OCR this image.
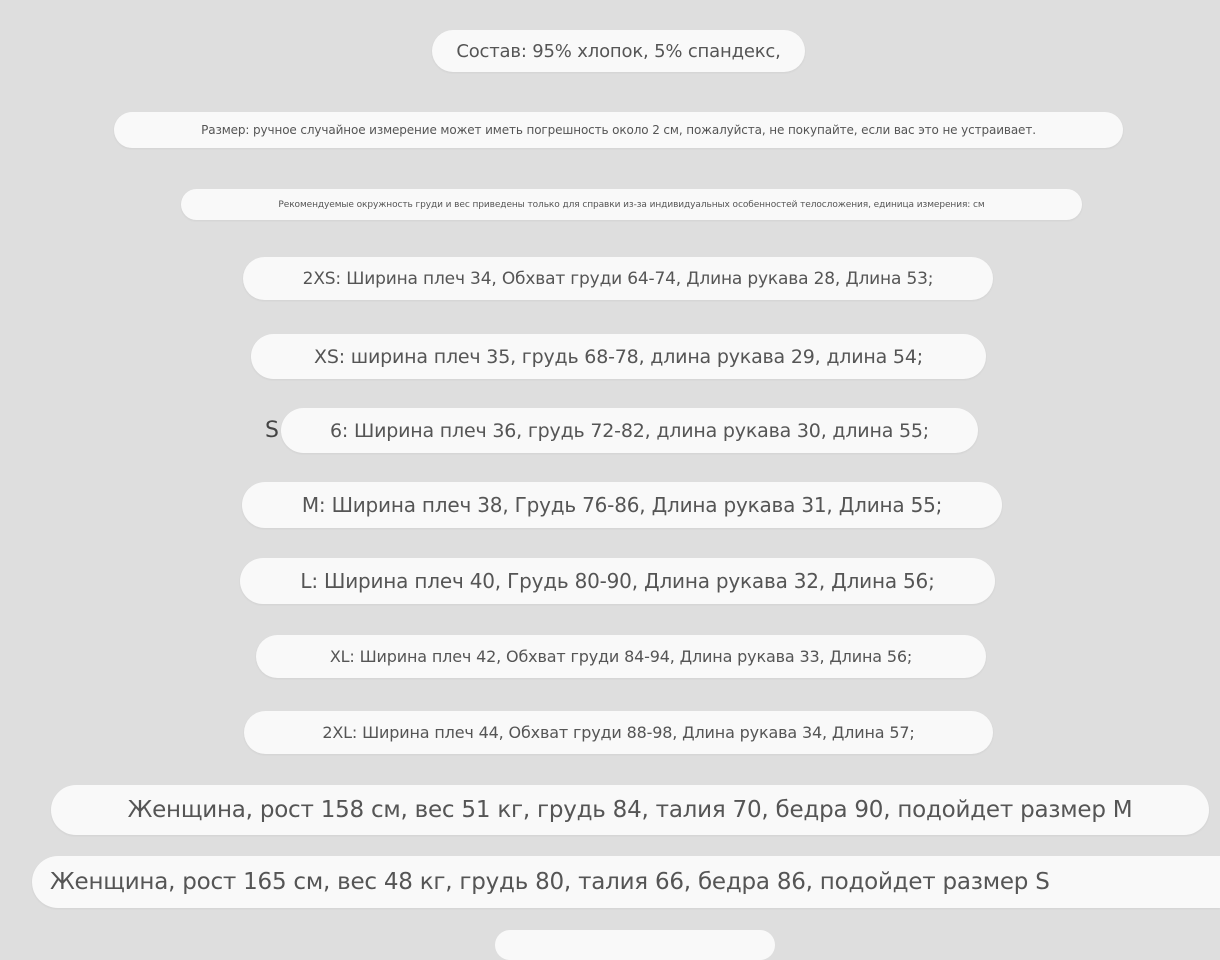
Состав: 95% хлопок, 5% спандекс,
Размер: ручное случайное измерение может иметь погрешность около 2 см, пожалуйста, не покупайте, если вас это не устраивает.
Рекомендуемые окружность груди и вес приведены только для справки из-за индивидуальных особенностей телосложения, единица измерения: см
2XS: Ширина плеч 34, Обхват груди 64-74, Длина рукава 28, Длина 53;
XS: ширина плеч 35, грудь 68-78, длина рукава 29, длина 54;
S	6: Ширина плеч 36, грудь 72-82, длина рукава 30, длина 55;
M: Ширина плеч 38, Грудь 76-86, Длина рукава 31, Длина 55;
L: Ширина плеч 40, Грудь 80-90, Длина рукава 32, Длина 56;
XL: Ширина плеч 42, Обхват груди 84-94, Длина рукава 33, Длина 56;
2XL: Ширина плеч 44, Обхват груди 88-98, Длина рукава 34, Длина 57;
Женщина, рост 158 см, вес 51 кг, грудь 84, талия 70, бедра 90, подойдет размер M
Женщина, рост 165 см, вес 48 кг, грудь 80, талия 66, бедра 86, подойдет размер S
